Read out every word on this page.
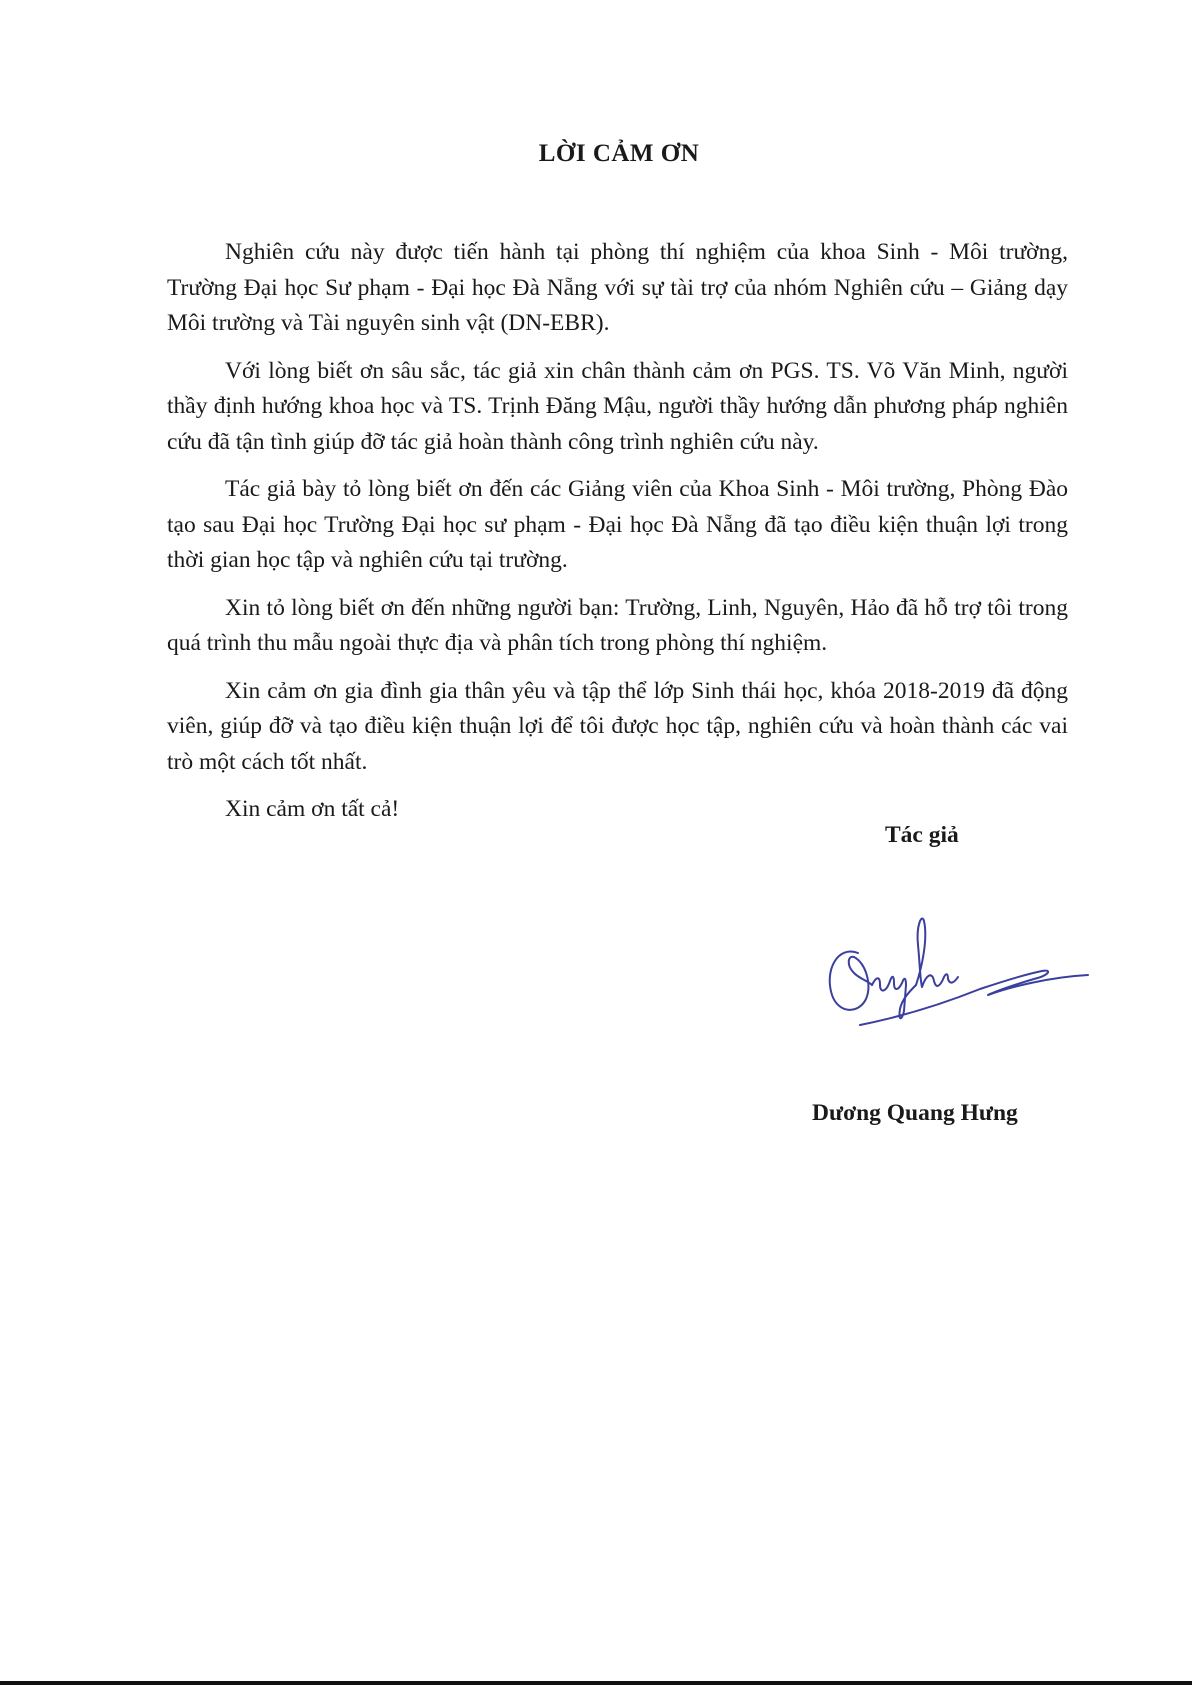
LỜI CẢM ƠN

Nghiên cứu này được tiến hành tại phòng thí nghiệm của khoa Sinh - Môi trường, Trường Đại học Sư phạm - Đại học Đà Nẵng với sự tài trợ của nhóm Nghiên cứu – Giảng dạy Môi trường và Tài nguyên sinh vật (DN-EBR).

Với lòng biết ơn sâu sắc, tác giả xin chân thành cảm ơn PGS. TS. Võ Văn Minh, người thầy định hướng khoa học và TS. Trịnh Đăng Mậu, người thầy hướng dẫn phương pháp nghiên cứu đã tận tình giúp đỡ tác giả hoàn thành công trình nghiên cứu này.

Tác giả bày tỏ lòng biết ơn đến các Giảng viên của Khoa Sinh - Môi trường, Phòng Đào tạo sau Đại học Trường Đại học sư phạm - Đại học Đà Nẵng đã tạo điều kiện thuận lợi trong thời gian học tập và nghiên cứu tại trường.

Xin tỏ lòng biết ơn đến những người bạn: Trường, Linh, Nguyên, Hảo đã hỗ trợ tôi trong quá trình thu mẫu ngoài thực địa và phân tích trong phòng thí nghiệm.

Xin cảm ơn gia đình gia thân yêu và tập thể lớp Sinh thái học, khóa 2018-2019 đã động viên, giúp đỡ và tạo điều kiện thuận lợi để tôi được học tập, nghiên cứu và hoàn thành các vai trò một cách tốt nhất.

Xin cảm ơn tất cả!

Tác giả
Dương Quang Hưng
